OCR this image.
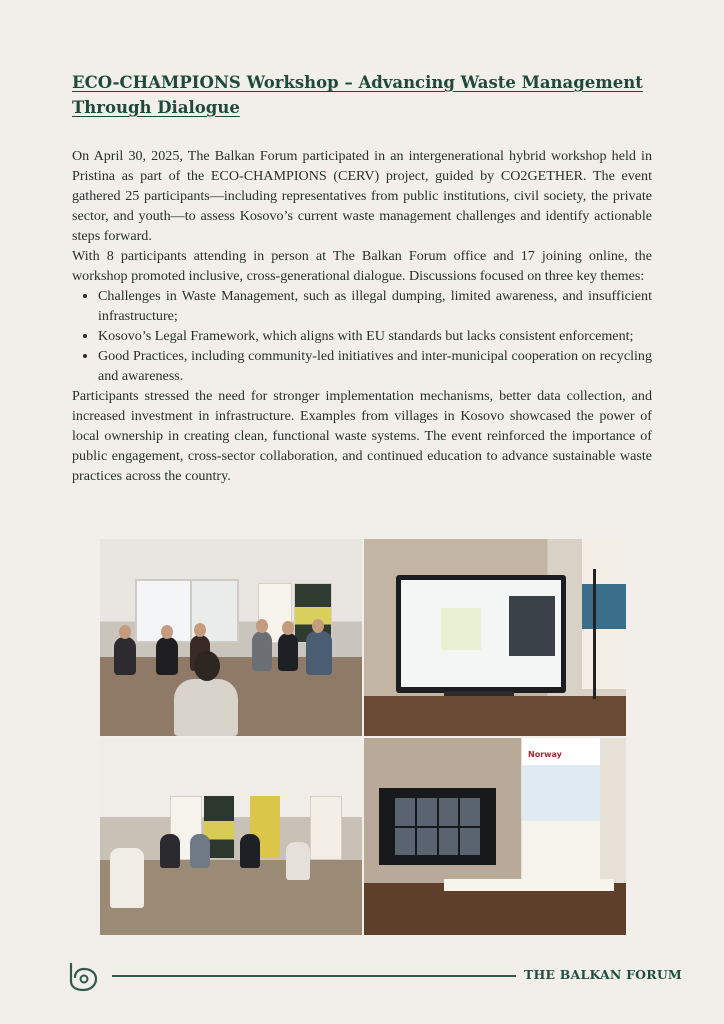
ECO-CHAMPIONS Workshop – Advancing Waste Management Through Dialogue

On April 30, 2025, The Balkan Forum participated in an intergenerational hybrid workshop held in Pristina as part of the ECO-CHAMPIONS (CERV) project, guided by CO2GETHER. The event gathered 25 participants—including representatives from public institutions, civil society, the private sector, and youth—to assess Kosovo’s current waste management challenges and identify actionable steps forward.

With 8 participants attending in person at The Balkan Forum office and 17 joining online, the workshop promoted inclusive, cross-generational dialogue. Discussions focused on three key themes:

• Challenges in Waste Management, such as illegal dumping, limited awareness, and insufficient infrastructure;
• Kosovo’s Legal Framework, which aligns with EU standards but lacks consistent enforcement;
• Good Practices, including community-led initiatives and inter-municipal cooperation on recycling and awareness.

Participants stressed the need for stronger implementation mechanisms, better data collection, and increased investment in infrastructure. Examples from villages in Kosovo showcased the power of local ownership in creating clean, functional waste systems. The event reinforced the importance of public engagement, cross-sector collaboration, and continued education to advance sustainable waste practices across the country.

Norway
THE BALKAN FORUM
